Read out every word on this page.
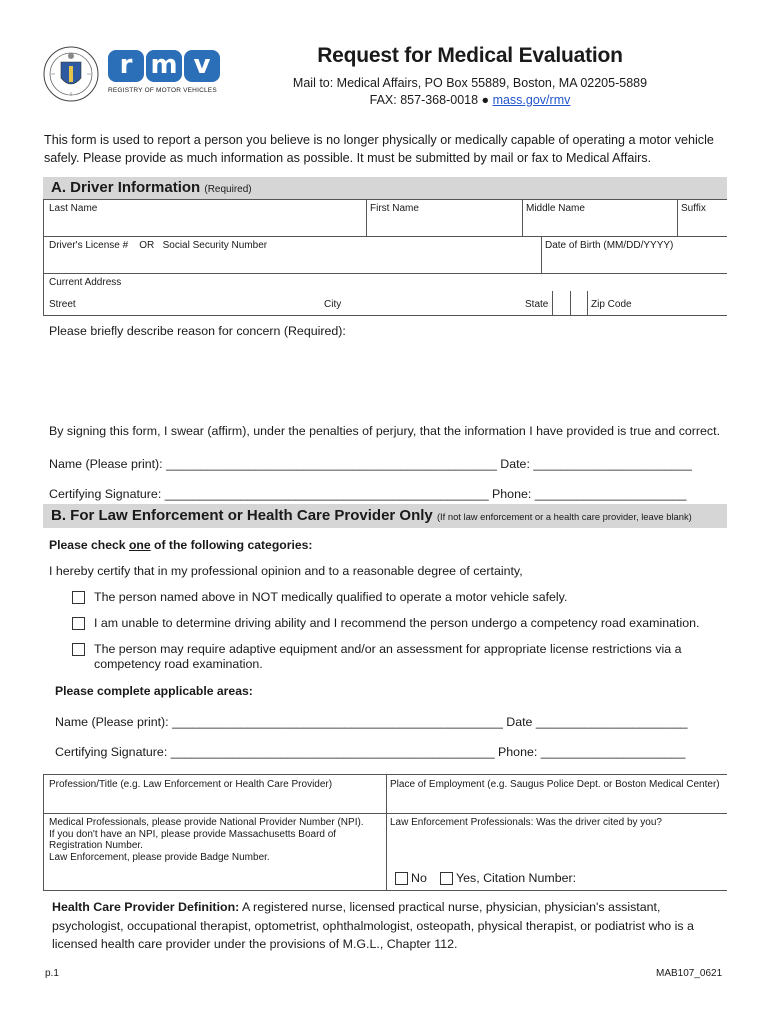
r m v
REGISTRY OF MOTOR VEHICLES
Request for Medical Evaluation
Mail to: Medical Affairs, PO Box 55889, Boston, MA 02205-5889
FAX: 857-368-0018 ● mass.gov/rmv
This form is used to report a person you believe is no longer physically or medically capable of operating a motor vehicle safely. Please provide as much information as possible. It must be submitted by mail or fax to Medical Affairs.
A. Driver Information (Required)
Last Name	First Name	Middle Name	Suffix
Driver's License #    OR   Social Security Number	Date of Birth (MM/DD/YYYY)
Current Address
Street	City	State	Zip Code
Please briefly describe reason for concern (Required):
By signing this form, I swear (affirm), under the penalties of perjury, that the information I have provided is true and correct.
Name (Please print): ________________________________________________ Date: _______________________
Certifying Signature: _______________________________________________ Phone: ______________________
B. For Law Enforcement or Health Care Provider Only (If not law enforcement or a health care provider, leave blank)
Please check one of the following categories:
I hereby certify that in my professional opinion and to a reasonable degree of certainty,
The person named above in NOT medically qualified to operate a motor vehicle safely.
I am unable to determine driving ability and I recommend the person undergo a competency road examination.
The person may require adaptive equipment and/or an assessment for appropriate license restrictions via a
competency road examination.
Please complete applicable areas:
Name (Please print): ________________________________________________ Date ______________________
Certifying Signature: _______________________________________________ Phone: _____________________
Profession/Title (e.g. Law Enforcement or Health Care Provider)	Place of Employment (e.g. Saugus Police Dept. or Boston Medical Center)
Medical Professionals, please provide National Provider Number (NPI).
If you don't have an NPI, please provide Massachusetts Board of
Registration Number.
Law Enforcement, please provide Badge Number.
Law Enforcement Professionals: Was the driver cited by you?
No Yes, Citation Number:
Health Care Provider Definition: A registered nurse, licensed practical nurse, physician, physician's assistant, psychologist, occupational therapist, optometrist, ophthalmologist, osteopath, physical therapist, or podiatrist who is a licensed health care provider under the provisions of M.G.L., Chapter 112.
p.1	MAB107_0621
